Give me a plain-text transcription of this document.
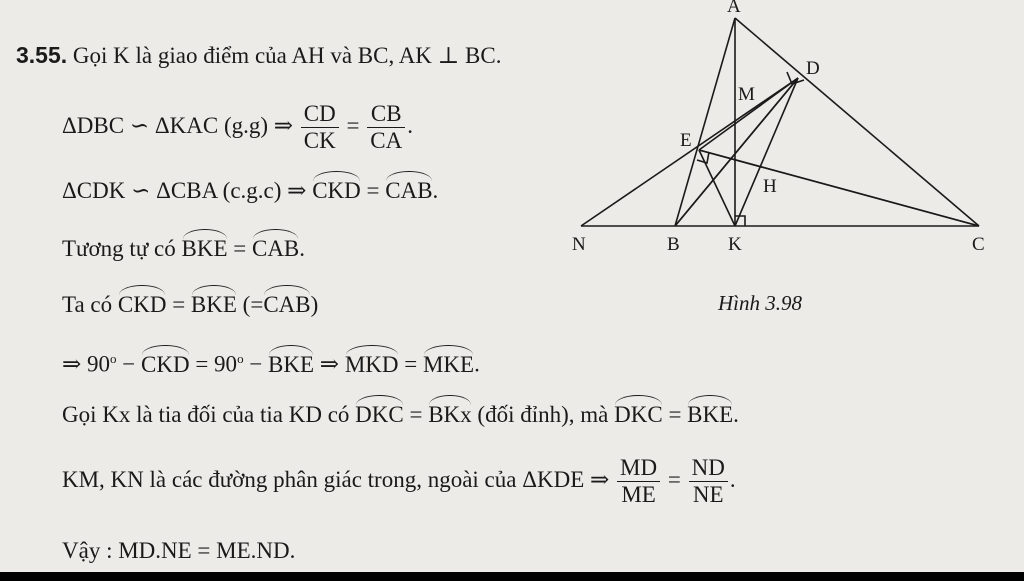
3.55. Gọi K là giao điểm của AH và BC, AK ⊥ BC.
ΔDBC ∽ ΔKAC (g.g) ⇒ $\frac{CD}{CK} = \frac{CB}{CA}$ .
ΔCDK ∽ ΔCBA (c.g.c) ⇒ CKD = CAB.
Tương tự có BKE = CAB.
Ta có CKD = BKE (=CAB)
⇒ $90^o$ − CKD = $90^o$ − BKE ⇒ MKD = MKE.
Gọi Kx là tia đối của tia KD có DKC = BKx (đối đỉnh), mà DKC = BKE.
KM, KN là các đường phân giác trong, ngoài của ΔKDE ⇒ $\frac{MD}{ME} = \frac{ND}{NE}$ .
Vậy : MD.NE = ME.ND.
A
D
M
E
H
N	B	K	C
Hình 3.98
